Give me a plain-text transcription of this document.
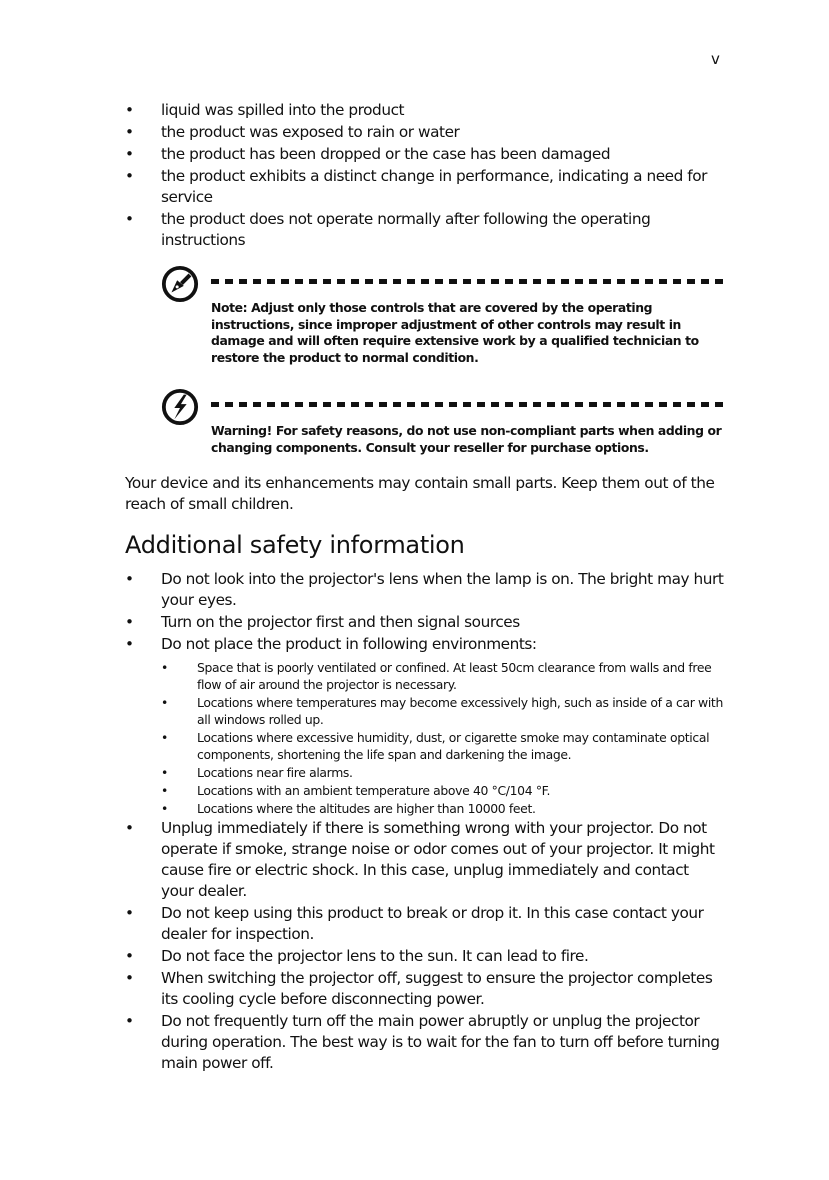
v
• liquid was spilled into the product
• the product was exposed to rain or water
• the product has been dropped or the case has been damaged
• the product exhibits a distinct change in performance, indicating a need for service
• the product does not operate normally after following the operating instructions
Note: Adjust only those controls that are covered by the operating instructions, since improper adjustment of other controls may result in damage and will often require extensive work by a qualified technician to restore the product to normal condition.
Warning! For safety reasons, do not use non-compliant parts when adding or changing components. Consult your reseller for purchase options.

Your device and its enhancements may contain small parts. Keep them out of the reach of small children.

Additional safety information
• Do not look into the projector's lens when the lamp is on. The bright may hurt your eyes.
• Turn on the projector first and then signal sources
• Do not place the product in following environments:
• Space that is poorly ventilated or confined. At least 50cm clearance from walls and free flow of air around the projector is necessary.
• Locations where temperatures may become excessively high, such as inside of a car with all windows rolled up.
• Locations where excessive humidity, dust, or cigarette smoke may contaminate optical components, shortening the life span and darkening the image.
• Locations near fire alarms.
• Locations with an ambient temperature above 40 °C/104 °F.
• Locations where the altitudes are higher than 10000 feet.
• Unplug immediately if there is something wrong with your projector. Do not operate if smoke, strange noise or odor comes out of your projector. It might cause fire or electric shock. In this case, unplug immediately and contact your dealer.
• Do not keep using this product to break or drop it. In this case contact your dealer for inspection.
• Do not face the projector lens to the sun. It can lead to fire.
• When switching the projector off, suggest to ensure the projector completes its cooling cycle before disconnecting power.
• Do not frequently turn off the main power abruptly or unplug the projector during operation. The best way is to wait for the fan to turn off before turning main power off.
